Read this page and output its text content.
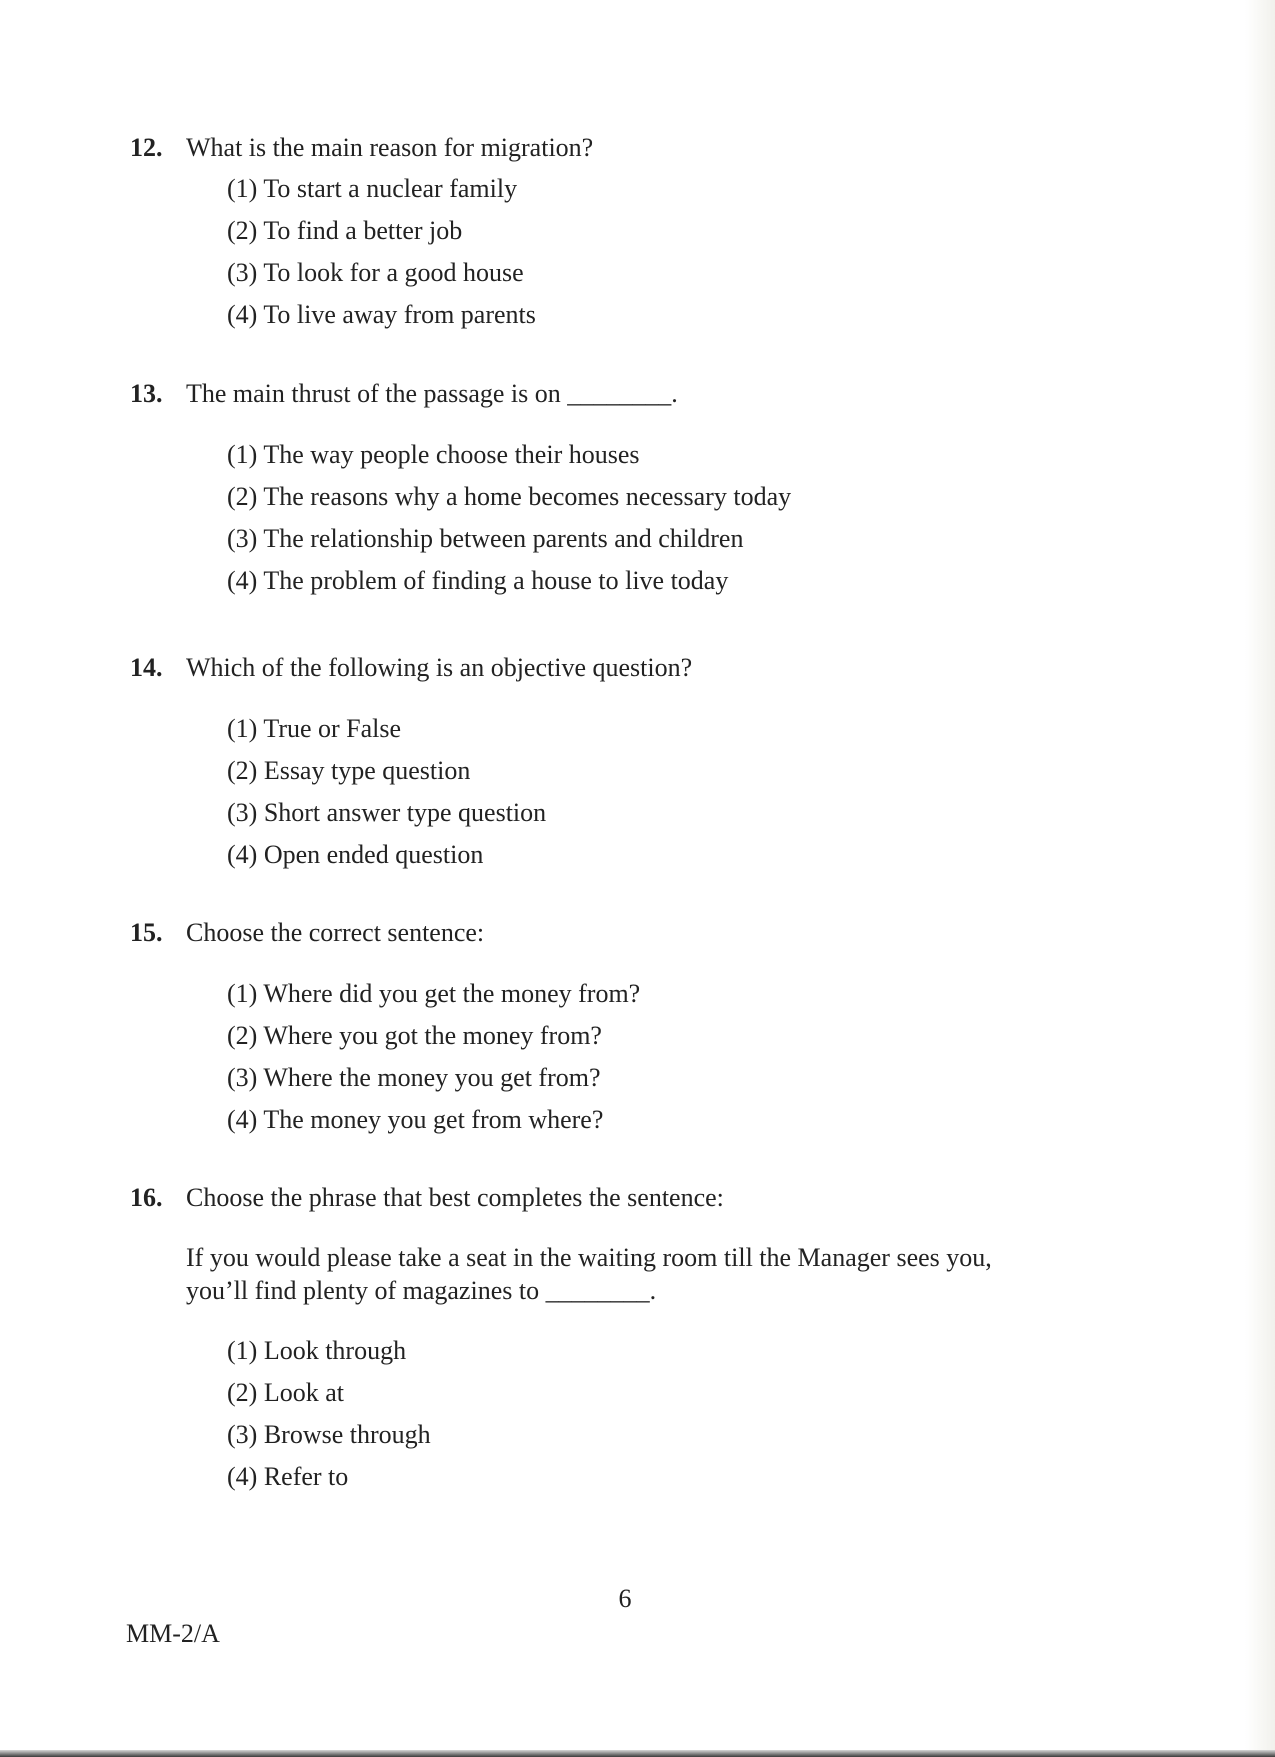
12. What is the main reason for migration?
(1) To start a nuclear family
(2) To find a better job
(3) To look for a good house
(4) To live away from parents
13. The main thrust of the passage is on ________.
(1) The way people choose their houses
(2) The reasons why a home becomes necessary today
(3) The relationship between parents and children
(4) The problem of finding a house to live today
14. Which of the following is an objective question?
(1) True or False
(2) Essay type question
(3) Short answer type question
(4) Open ended question
15. Choose the correct sentence:
(1) Where did you get the money from?
(2) Where you got the money from?
(3) Where the money you get from?
(4) The money you get from where?
16. Choose the phrase that best completes the sentence:
If you would please take a seat in the waiting room till the Manager sees you,
you’ll find plenty of magazines to ________.
(1) Look through
(2) Look at
(3) Browse through
(4) Refer to
6
MM-2/A
